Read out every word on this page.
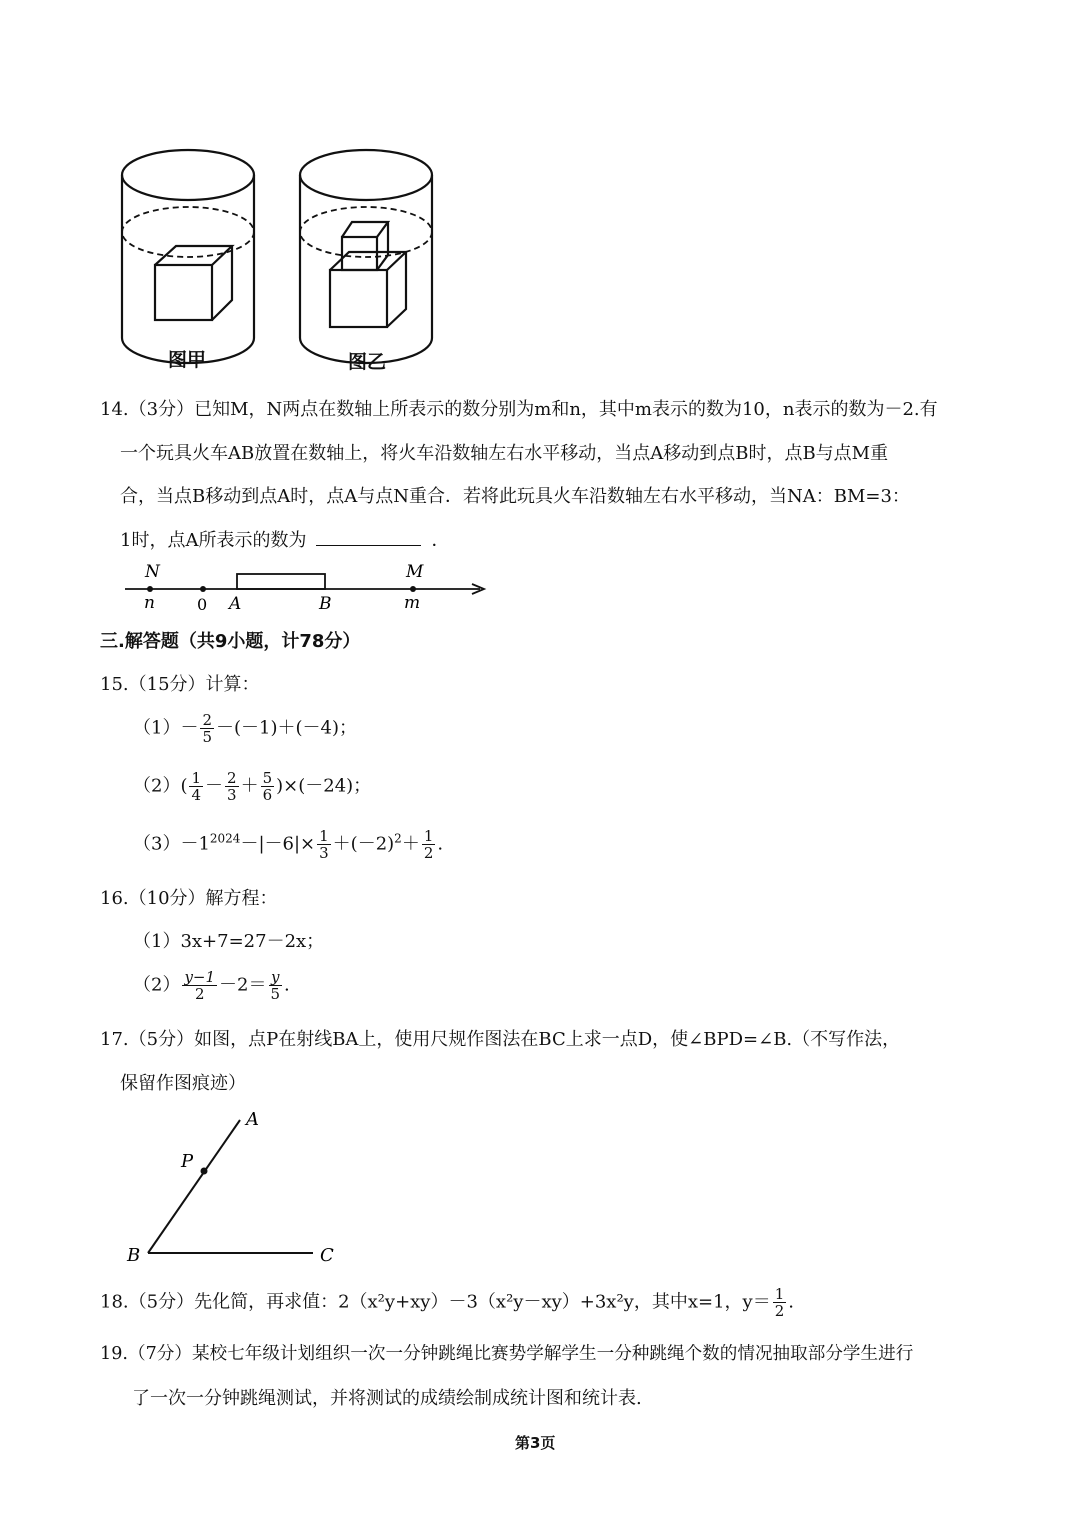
图甲	图乙
14.（3分）已知M，N两点在数轴上所表示的数分别为m和n，其中m表示的数为10，n表示的数为－2.有
一个玩具火车AB放置在数轴上，将火车沿数轴左右水平移动，当点A移动到点B时，点B与点M重
合，当点B移动到点A时，点A与点N重合．若将此玩具火车沿数轴左右水平移动，当NA：BM=3：
1时，点A所表示的数为	．
N	M
n	0 A	B	m
三.解答题（共9小题，计78分）
15.（15分）计算：
$(1)- \frac{2}{5} -(-1)+(-4)$；
$(2)( \frac{1}{4} - \frac{2}{3} + \frac{5}{6} )\times(-24)$；
$(3)-1^{2024}-|-6|\times \frac{1}{3} +(-2)^2+ \frac{1}{2}$ .
16.（10分）解方程：
（1）3x+7=27－2x；
$(2) \frac{y-1}{2} -2= \frac{y}{5}$ .
17.（5分）如图，点P在射线BA上，使用尺规作图法在BC上求一点D，使∠BPD=∠B.（不写作法，
保留作图痕迹）
A
P
B	C
18.（5分）先化简，再求值：2（x²y+xy）－3（x²y－xy）+3x²y，其中x=1，$y= \frac{1}{2}$ .
19.（7分）某校七年级计划组织一次一分钟跳绳比赛势学解学生一分种跳绳个数的情况抽取部分学生进行
了一次一分钟跳绳测试，并将测试的成绩绘制成统计图和统计表.
第3页
